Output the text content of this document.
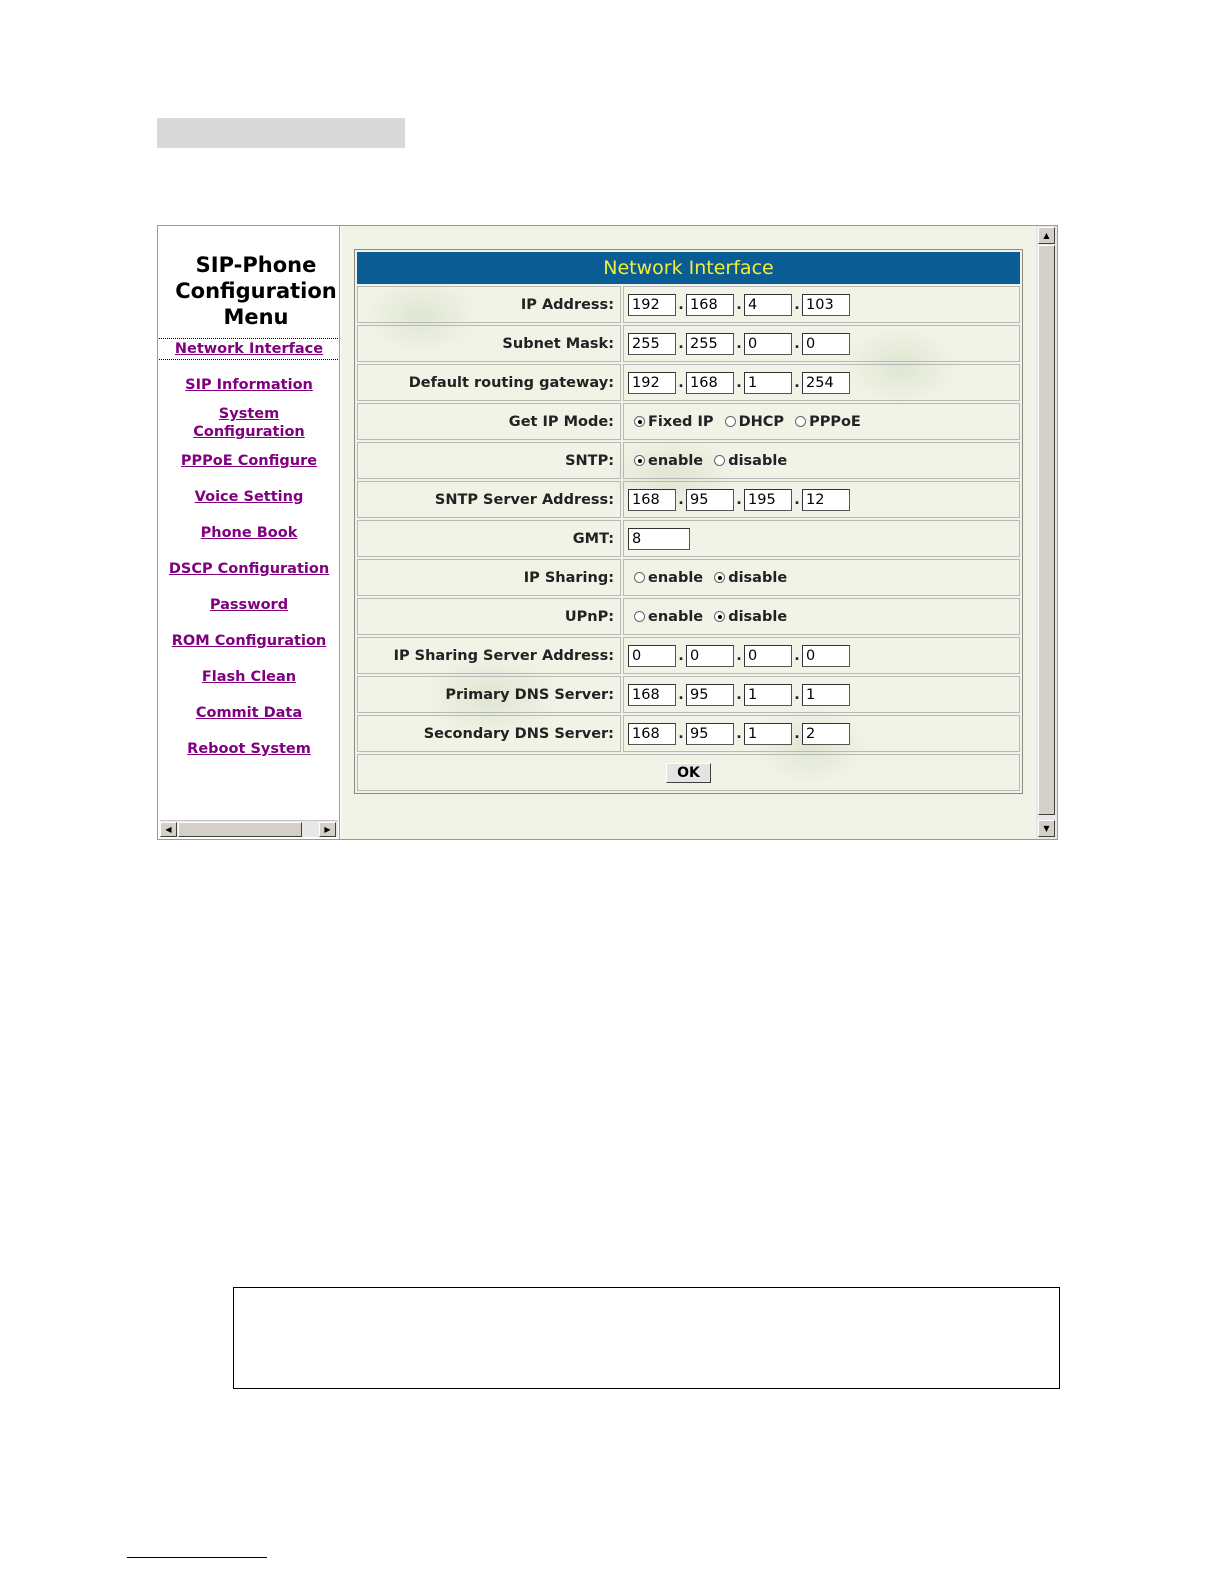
SIP-Phone
Configuration
Menu
Network Interface
SIP Information
System
Configuration
PPPoE Configure
Voice Setting
Phone Book
DSCP Configuration
Password
ROM Configuration
Flash Clean
Commit Data
Reboot System
◀	▶
Network Interface	
IP Address:	192 . 168 . 4 . 103
Subnet Mask:	255 . 255 . 0 . 0
Default routing gateway:	192 . 168 . 1 . 254
Get IP Mode:	Fixed IP DHCP PPPoE
SNTP:	enable disable
SNTP Server Address:	168 . 95 . 195 . 12
GMT:	8
IP Sharing:	enable disable
UPnP:	enable disable
IP Sharing Server Address:	0 . 0 . 0 . 0
Primary DNS Server:	168 . 95 . 1 . 1
Secondary DNS Server:	168 . 95 . 1 . 2
OK	
▲
▼
